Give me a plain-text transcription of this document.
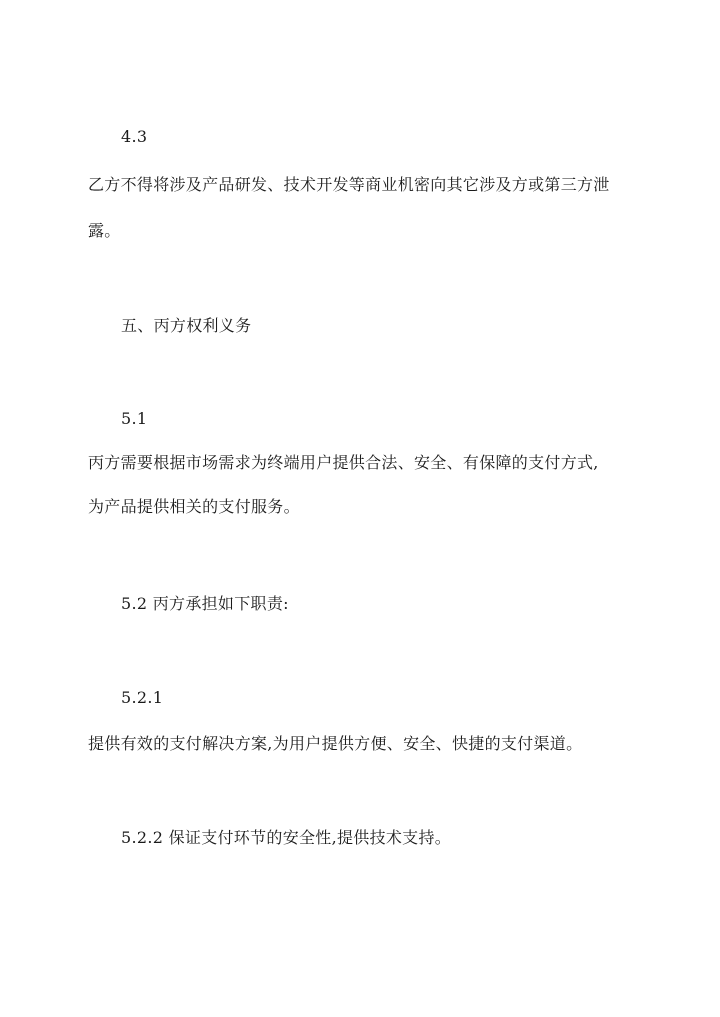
4.3
乙方不得将涉及产品研发、技术开发等商业机密向其它涉及方或第三方泄
露。
五、丙方权利义务
5.1
丙方需要根据市场需求为终端用户提供合法、安全、有保障的支付方式,
为产品提供相关的支付服务。
5.2 丙方承担如下职责:
5.2.1
提供有效的支付解决方案,为用户提供方便、安全、快捷的支付渠道。
5.2.2 保证支付环节的安全性,提供技术支持。
